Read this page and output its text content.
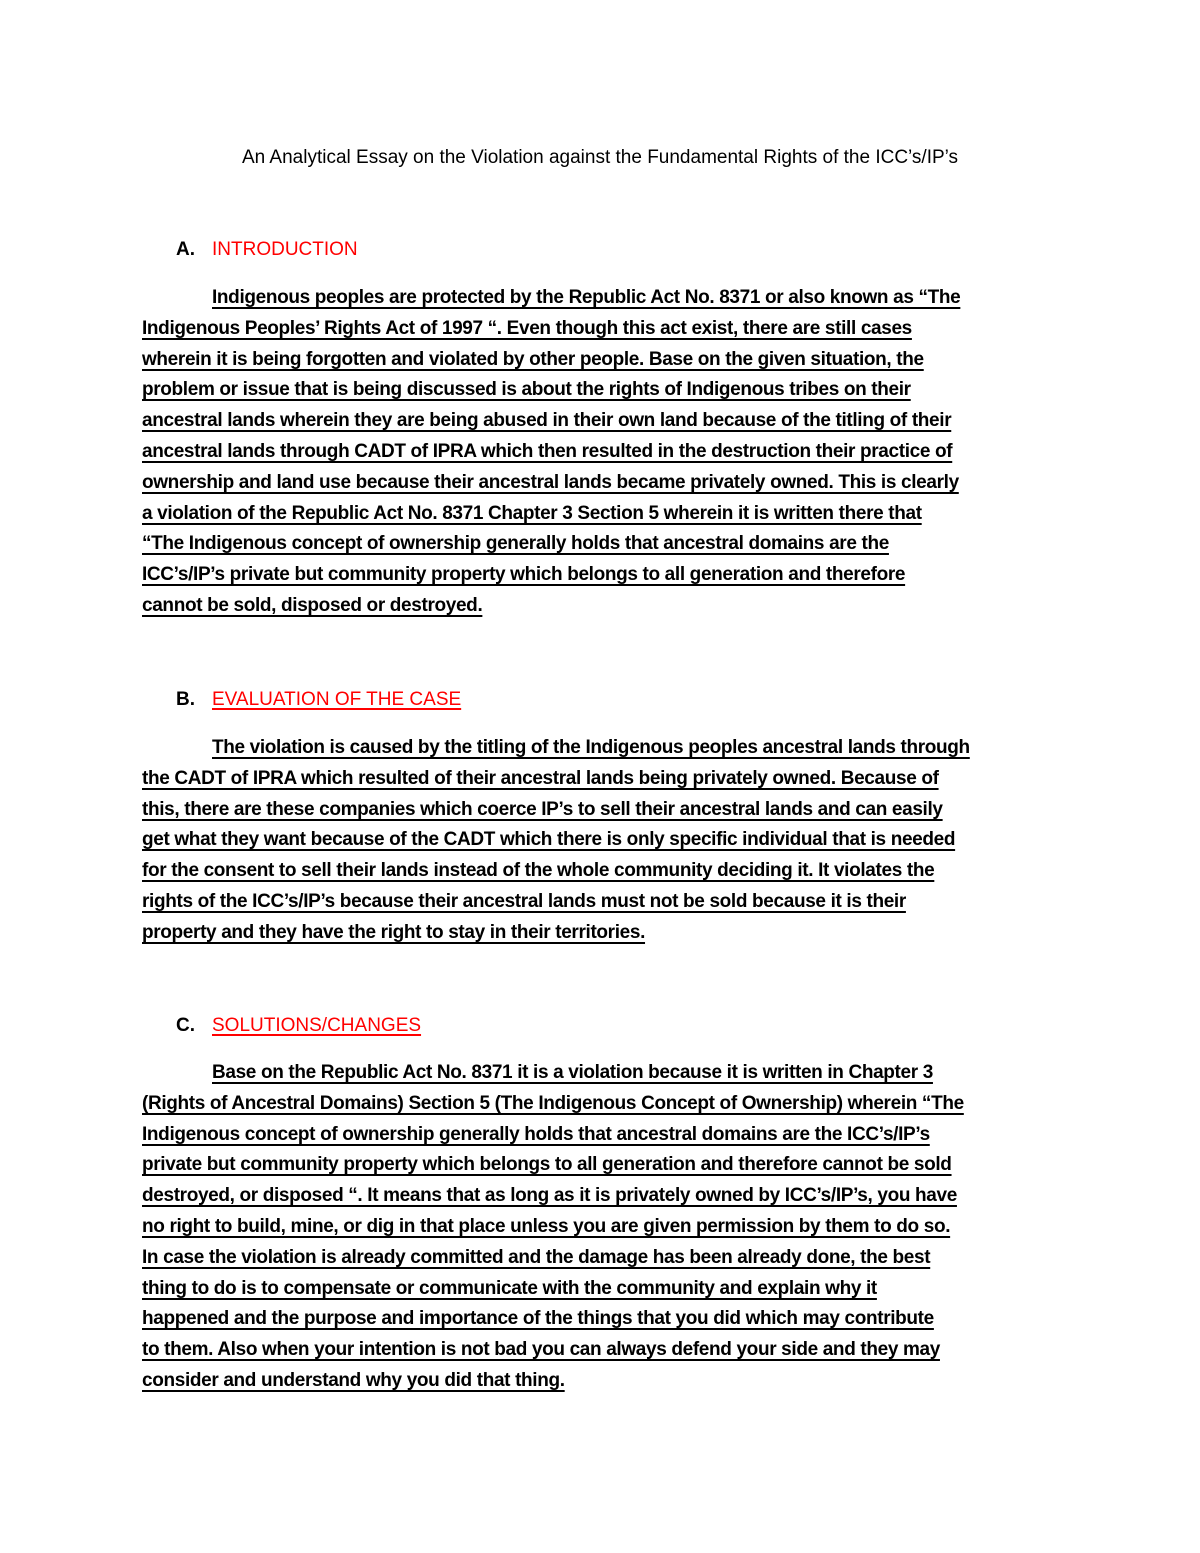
An Analytical Essay on the Violation against the Fundamental Rights of the ICC’s/IP’s
A. INTRODUCTION
Indigenous peoples are protected by the Republic Act No. 8371 or also known as “The
Indigenous Peoples’ Rights Act of 1997 “. Even though this act exist, there are still cases
wherein it is being forgotten and violated by other people. Base on the given situation, the
problem or issue that is being discussed is about the rights of Indigenous tribes on their
ancestral lands wherein they are being abused in their own land because of the titling of their
ancestral lands through CADT of IPRA which then resulted in the destruction their practice of
ownership and land use because their ancestral lands became privately owned. This is clearly
a violation of the Republic Act No. 8371 Chapter 3 Section 5 wherein it is written there that
“The Indigenous concept of ownership generally holds that ancestral domains are the
ICC’s/IP’s private but community property which belongs to all generation and therefore
cannot be sold, disposed or destroyed.
B. EVALUATION OF THE CASE
The violation is caused by the titling of the Indigenous peoples ancestral lands through
the CADT of IPRA which resulted of their ancestral lands being privately owned. Because of
this, there are these companies which coerce IP’s to sell their ancestral lands and can easily
get what they want because of the CADT which there is only specific individual that is needed
for the consent to sell their lands instead of the whole community deciding it. It violates the
rights of the ICC’s/IP’s because their ancestral lands must not be sold because it is their
property and they have the right to stay in their territories.
C. SOLUTIONS/CHANGES
Base on the Republic Act No. 8371 it is a violation because it is written in Chapter 3
(Rights of Ancestral Domains) Section 5 (The Indigenous Concept of Ownership) wherein “The
Indigenous concept of ownership generally holds that ancestral domains are the ICC’s/IP’s
private but community property which belongs to all generation and therefore cannot be sold
destroyed, or disposed “. It means that as long as it is privately owned by ICC’s/IP’s, you have
no right to build, mine, or dig in that place unless you are given permission by them to do so.
In case the violation is already committed and the damage has been already done, the best
thing to do is to compensate or communicate with the community and explain why it
happened and the purpose and importance of the things that you did which may contribute
to them. Also when your intention is not bad you can always defend your side and they may
consider and understand why you did that thing.
